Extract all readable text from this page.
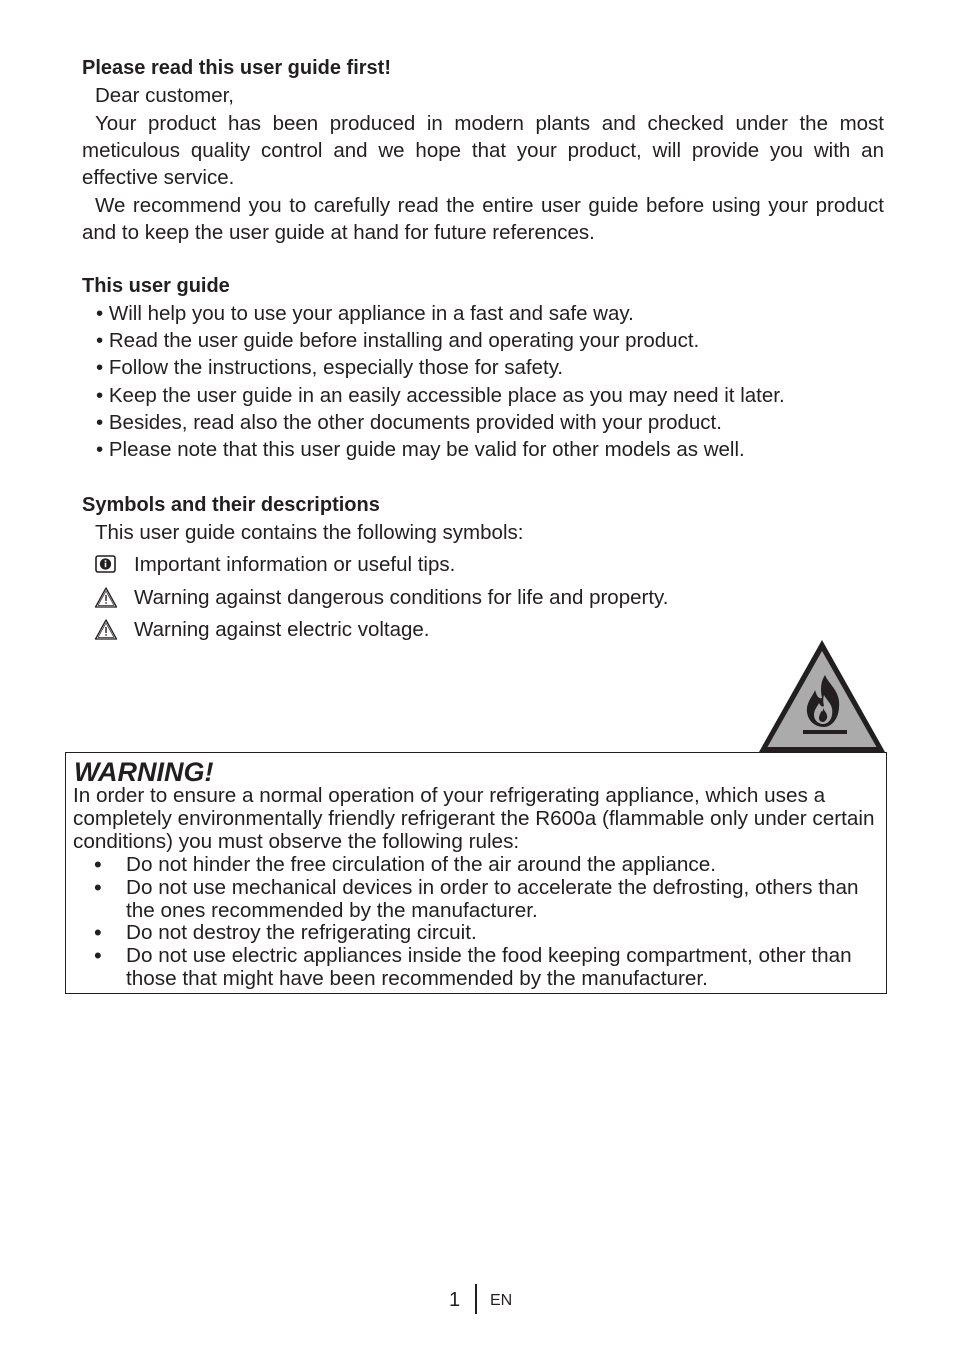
Please read this user guide first!

Dear customer,

Your product has been produced in modern plants and checked under the most meticulous quality control and we hope that your product, will provide you with an effective service.

We recommend you to carefully read the entire user guide before using your product and to keep the user guide at hand for future references.

This user guide
• Will help you to use your appliance in a fast and safe way.
• Read the user guide before installing and operating your product.
• Follow the instructions, especially those for safety.
• Keep the user guide in an easily accessible place as you may need it later.
• Besides, read also the other documents provided with your product.
• Please note that this user guide may be valid for other models as well.
Symbols and their descriptions

This user guide contains the following symbols:

Important information or useful tips.
Warning against dangerous conditions for life and property.
Warning against electric voltage.
WARNING!

In order to ensure a normal operation of your refrigerating appliance, which uses a completely environmentally friendly refrigerant the R600a (flammable only under certain conditions) you must observe the following rules:

• Do not hinder the free circulation of the air around the appliance.
• Do not use mechanical devices in order to accelerate the defrosting, others than the ones recommended by the manufacturer.
• Do not destroy the refrigerating circuit.
• Do not use electric appliances inside the food keeping compartment, other than those that might have been recommended by the manufacturer.
1 EN
